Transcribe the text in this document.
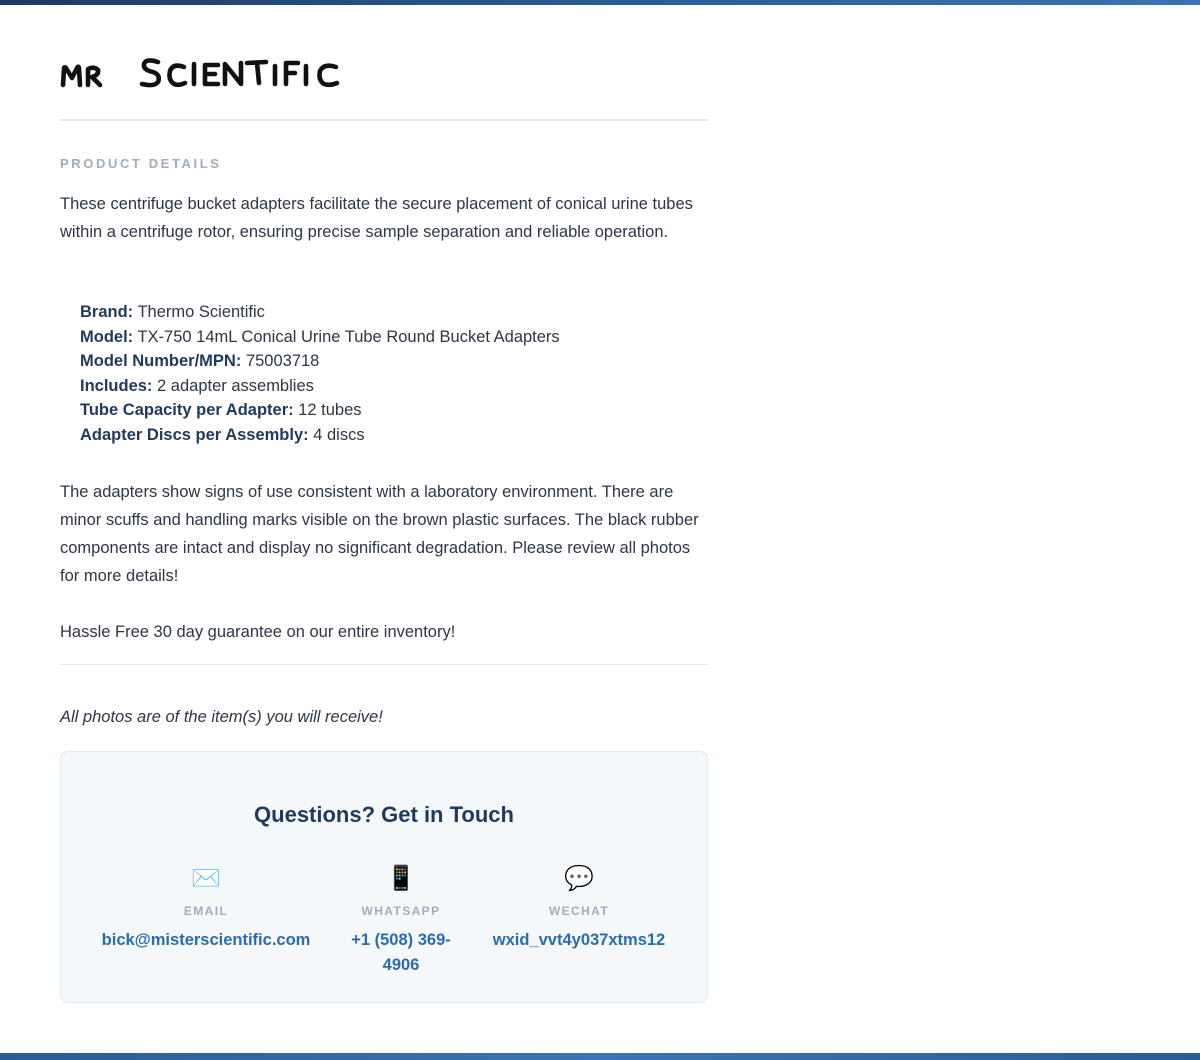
PRODUCT DETAILS

These centrifuge bucket adapters facilitate the secure placement of conical urine tubes within a centrifuge rotor, ensuring precise sample separation and reliable operation.

Brand: Thermo Scientific
Model: TX-750 14mL Conical Urine Tube Round Bucket Adapters
Model Number/MPN: 75003718
Includes: 2 adapter assemblies
Tube Capacity per Adapter: 12 tubes
Adapter Discs per Assembly: 4 discs

The adapters show signs of use consistent with a laboratory environment. There are minor scuffs and handling marks visible on the brown plastic surfaces. The black rubber components are intact and display no significant degradation. Please review all photos for more details!

Hassle Free 30 day guarantee on our entire inventory!

All photos are of the item(s) you will receive!

Questions? Get in Touch
✉️
EMAIL
bick@misterscientific.com
📱
WHATSAPP
+1 (508) 369-4906
💬
WECHAT
wxid_vvt4y037xtms12
